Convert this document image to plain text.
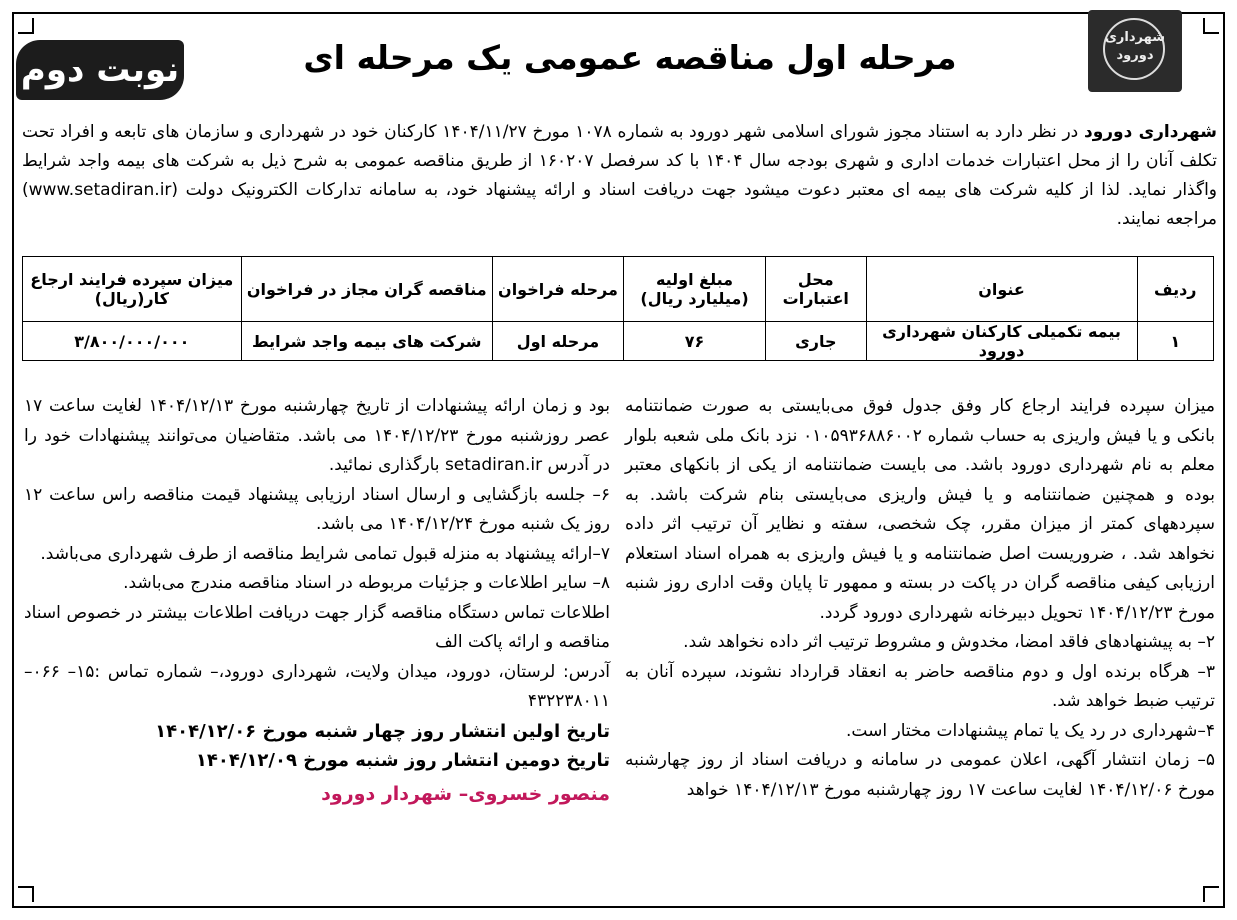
شهرداری
دورود
مرحله اول مناقصه عمومی یک مرحله ای
نوبت دوم

شهرداری دورود در نظر دارد به استناد مجوز شورای اسلامی شهر دورود به شماره ۱۰۷۸ مورخ ۱۴۰۴/۱۱/۲۷ کارکنان خود در شهرداری و سازمان های تابعه و افراد تحت تکلف آنان را از محل اعتبارات خدمات اداری و شهری بودجه سال ۱۴۰۴ با کد سرفصل ۱۶۰۲۰۷ از طریق مناقصه عمومی به شرح ذیل به شرکت های بیمه واجد شرایط واگذار نماید. لذا از کلیه شرکت های بیمه ای معتبر دعوت میشود جهت دریافت اسناد و ارائه پیشنهاد خود، به سامانه تدارکات الکترونیک دولت (www.setadiran.ir) مراجعه نمایند.

ردیف	عنوان	محل اعتبارات	مبلغ اولیه (میلیارد ریال)	مرحله فراخوان	مناقصه گران مجاز در فراخوان	میزان سپرده فرایند ارجاع کار(ریال)
۱	بیمه تکمیلی کارکنان شهرداری دورود	جاری	۷۶	مرحله اول	شرکت های بیمه واجد شرایط	۳/۸۰۰/۰۰۰/۰۰۰

میزان سپرده فرایند ارجاع کار وفق جدول فوق می‌بایستی به صورت ضمانتنامه بانکی و یا فیش واریزی به حساب شماره ۰۱۰۵۹۳۶۸۸۶۰۰۲ نزد بانک ملی شعبه بلوار معلم به نام شهرداری دورود باشد. می بایست ضمانتنامه از یکی از بانکهای معتبر بوده و همچنین ضمانتنامه و یا فیش واریزی می‌بایستی بنام شرکت باشد. به سپردههای کمتر از میزان مقرر، چک شخصی، سفته و نظایر آن ترتیب اثر داده نخواهد شد. ، ضروریست اصل ضمانتنامه و یا فیش واریزی به همراه اسناد استعلام ارزیابی کیفی مناقصه گران در پاکت در بسته و ممهور تا پایان وقت اداری روز شنبه مورخ ۱۴۰۴/۱۲/۲۳ تحویل دبیرخانه شهرداری دورود گردد.

۲– به پیشنهادهای فاقد امضا، مخدوش و مشروط ترتیب اثر داده نخواهد شد.

۳– هرگاه برنده اول و دوم مناقصه حاضر به انعقاد قرارداد نشوند، سپرده آنان به ترتیب ضبط خواهد شد.

۴–شهرداری در رد یک یا تمام پیشنهادات مختار است.

۵– زمان انتشار آگهی، اعلان عمومی در سامانه و دریافت اسناد از روز چهارشنبه مورخ ۱۴۰۴/۱۲/۰۶ لغایت ساعت ۱۷ روز چهارشنبه مورخ ۱۴۰۴/۱۲/۱۳ خواهد

بود و زمان ارائه پیشنهادات از تاریخ چهارشنبه مورخ ۱۴۰۴/۱۲/۱۳ لغایت ساعت ۱۷ عصر روزشنبه مورخ ۱۴۰۴/۱۲/۲۳ می باشد. متقاضیان می‌توانند پیشنهادات خود را در آدرس setadiran.ir بارگذاری نمائید.

۶– جلسه بازگشایی و ارسال اسناد ارزیابی پیشنهاد قیمت مناقصه راس ساعت ۱۲ روز یک شنبه مورخ ۱۴۰۴/۱۲/۲۴ می باشد.

۷–ارائه پیشنهاد به منزله قبول تمامی شرایط مناقصه از طرف شهرداری می‌باشد.

۸– سایر اطلاعات و جزئیات مربوطه در اسناد مناقصه مندرج می‌باشد.

اطلاعات تماس دستگاه مناقصه گزار جهت دریافت اطلاعات بیشتر در خصوص اسناد مناقصه و ارائه پاکت الف

آدرس: لرستان، دورود، میدان ولایت، شهرداری دورود،– شماره تماس :۱۵– ۰۶۶–۴۳۲۲۳۸۰۱۱

تاریخ اولین انتشار روز چهار شنبه مورخ ۱۴۰۴/۱۲/۰۶

تاریخ دومین انتشار روز شنبه مورخ ۱۴۰۴/۱۲/۰۹

منصور خسروی– شهردار دورود
